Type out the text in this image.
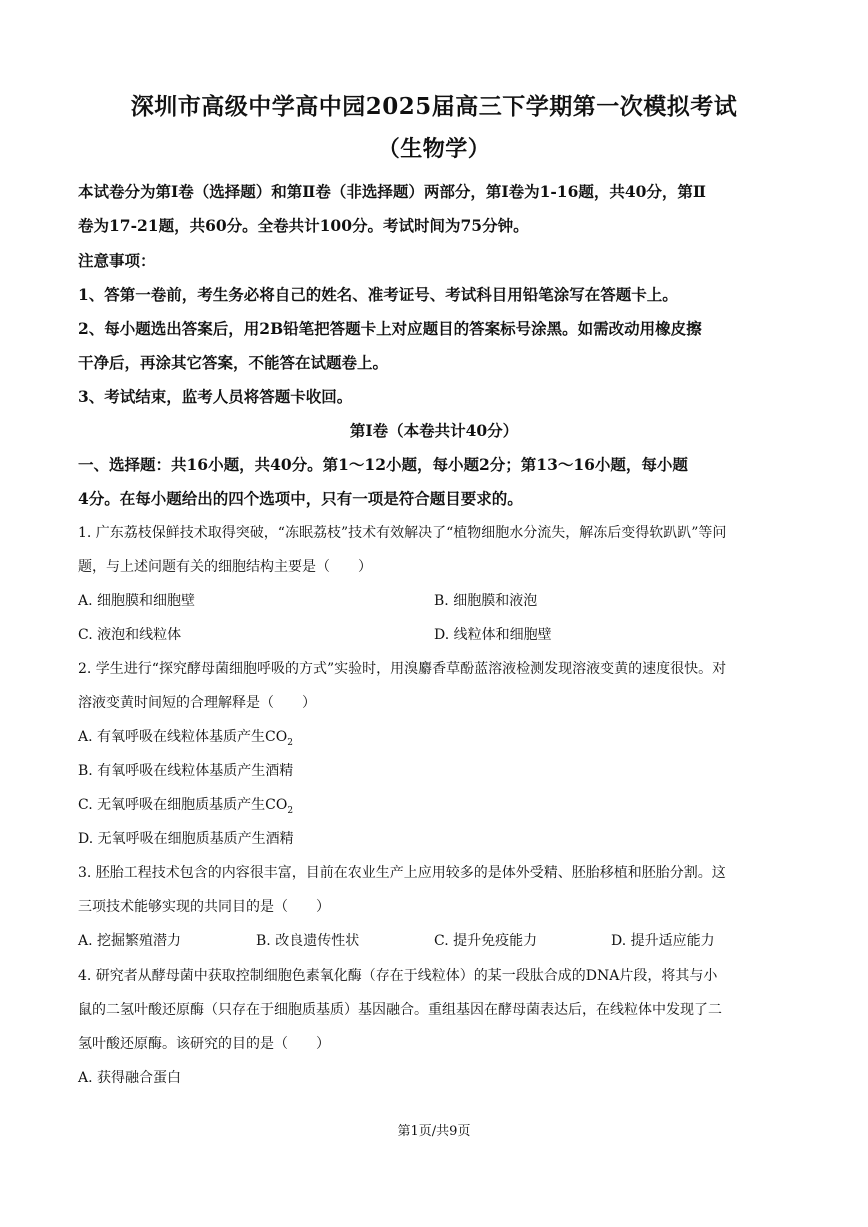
深圳市高级中学高中园2025届高三下学期第一次模拟考试
（生物学）
本试卷分为第Ⅰ卷（选择题）和第Ⅱ卷（非选择题）两部分，第Ⅰ卷为1-16题，共40分，第Ⅱ
卷为17-21题，共60分。全卷共计100分。考试时间为75分钟。
注意事项：
1、答第一卷前，考生务必将自己的姓名、准考证号、考试科目用铅笔涂写在答题卡上。
2、每小题选出答案后，用2B铅笔把答题卡上对应题目的答案标号涂黑。如需改动用橡皮擦
干净后，再涂其它答案，不能答在试题卷上。
3、考试结束，监考人员将答题卡收回。
第Ⅰ卷（本卷共计40分）
一、选择题：共16小题，共40分。第1～12小题，每小题2分；第13～16小题，每小题
4分。在每小题给出的四个选项中，只有一项是符合题目要求的。
1. 广东荔枝保鲜技术取得突破，“冻眠荔枝”技术有效解决了“植物细胞水分流失，解冻后变得软趴趴”等问
题，与上述问题有关的细胞结构主要是（　　）
A. 细胞膜和细胞壁	B. 细胞膜和液泡
C. 液泡和线粒体	D. 线粒体和细胞壁
2. 学生进行“探究酵母菌细胞呼吸的方式”实验时，用溴麝香草酚蓝溶液检测发现溶液变黄的速度很快。对
溶液变黄时间短的合理解释是（　　）
A. 有氧呼吸在线粒体基质产生$CO_2$
B. 有氧呼吸在线粒体基质产生酒精
C. 无氧呼吸在细胞质基质产生$CO_2$
D. 无氧呼吸在细胞质基质产生酒精
3. 胚胎工程技术包含的内容很丰富，目前在农业生产上应用较多的是体外受精、胚胎移植和胚胎分割。这
三项技术能够实现的共同目的是（　　）
A. 挖掘繁殖潜力	B. 改良遗传性状	C. 提升免疫能力	D. 提升适应能力
4. 研究者从酵母菌中获取控制细胞色素氧化酶（存在于线粒体）的某一段肽合成的DNA片段，将其与小
鼠的二氢叶酸还原酶（只存在于细胞质基质）基因融合。重组基因在酵母菌表达后，在线粒体中发现了二
氢叶酸还原酶。该研究的目的是（　　）
A. 获得融合蛋白
第1页/共9页
